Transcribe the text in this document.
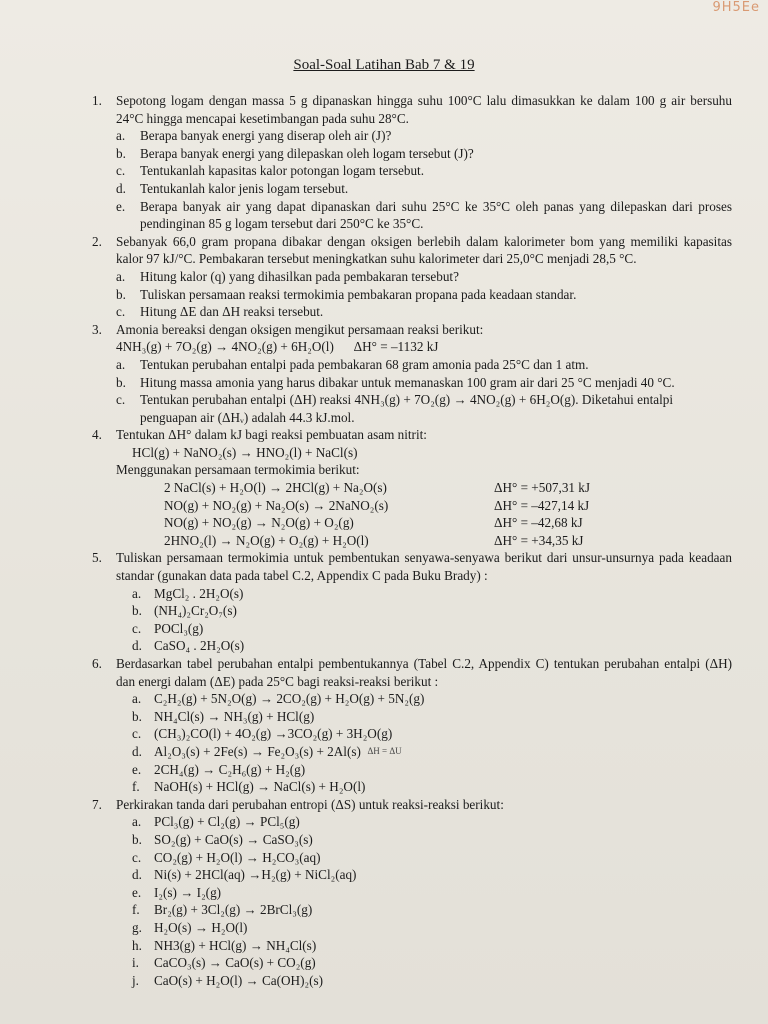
9H5Ee
Soal-Soal Latihan Bab 7 & 19
1.	Sepotong logam dengan massa 5 g dipanaskan hingga suhu 100°C lalu dimasukkan ke dalam 100 g air bersuhu 24°C hingga mencapai kesetimbangan pada suhu 28°C.
a.	Berapa banyak energi yang diserap oleh air (J)?
b.	Berapa banyak energi yang dilepaskan oleh logam tersebut (J)?
c.	Tentukanlah kapasitas kalor potongan logam tersebut.
d.	Tentukanlah kalor jenis logam tersebut.
e.	Berapa banyak air yang dapat dipanaskan dari suhu 25°C ke 35°C oleh panas yang dilepaskan dari proses pendinginan 85 g logam tersebut dari 250°C ke 35°C.
2.	Sebanyak 66,0 gram propana dibakar dengan oksigen berlebih dalam kalorimeter bom yang memiliki kapasitas kalor 97 kJ/°C. Pembakaran tersebut meningkatkan suhu kalorimeter dari 25,0°C menjadi 28,5 °C.
a.	Hitung kalor (q) yang dihasilkan pada pembakaran tersebut?
b.	Tuliskan persamaan reaksi termokimia pembakaran propana pada keadaan standar.
c.	Hitung ΔE dan ΔH reaksi tersebut.
3.	Amonia bereaksi dengan oksigen mengikut persamaan reaksi berikut:
4NH₃(g) + 7O₂(g) → 4NO₂(g) + 6H₂O(l)      ΔH° = –1132 kJ
a.	Tentukan perubahan entalpi pada pembakaran 68 gram amonia pada 25°C dan 1 atm.
b.	Hitung massa amonia yang harus dibakar untuk memanaskan 100 gram air dari 25 °C menjadi 40 °C.
c.	Tentukan perubahan entalpi (ΔH) reaksi 4NH₃(g) + 7O₂(g) → 4NO₂(g) + 6H₂O(g). Diketahui entalpi penguapan air (ΔHᵥ) adalah 44.3 kJ.mol.
4.	Tentukan ΔH° dalam kJ bagi reaksi pembuatan asam nitrit:
HCl(g) + NaNO₂(s) → HNO₂(l) + NaCl(s)
Menggunakan persamaan termokimia berikut:
2 NaCl(s) + H₂O(l) → 2HCl(g) + Na₂O(s)	ΔH° = +507,31 kJ
NO(g) + NO₂(g) + Na₂O(s) → 2NaNO₂(s)	ΔH° = –427,14 kJ
NO(g) + NO₂(g) → N₂O(g) + O₂(g)	ΔH° = –42,68 kJ
2HNO₂(l) → N₂O(g) + O₂(g) + H₂O(l)	ΔH° = +34,35 kJ
5.	Tuliskan persamaan termokimia untuk pembentukan senyawa-senyawa berikut dari unsur-unsurnya pada keadaan standar (gunakan data pada tabel C.2, Appendix C pada Buku Brady) :
a. MgCl₂ . 2H₂O(s)
b. (NH₄)₂Cr₂O₇(s)
c. POCl₃(g)
d. CaSO₄ . 2H₂O(s)
6.	Berdasarkan tabel perubahan entalpi pembentukannya (Tabel C.2, Appendix C) tentukan perubahan entalpi (ΔH) dan energi dalam (ΔE) pada 25°C bagi reaksi-reaksi berikut :
a. C₂H₂(g) + 5N₂O(g) → 2CO₂(g) + H₂O(g) + 5N₂(g)
b. NH₄Cl(s) → NH₃(g) + HCl(g)
c. (CH₃)₂CO(l) + 4O₂(g) →3CO₂(g) + 3H₂O(g)
d. Al₂O₃(s) + 2Fe(s) → Fe₂O₃(s) + 2Al(s)
ΔH = ΔU
e. 2CH₄(g) → C₂H₆(g) + H₂(g)
f.	NaOH(s) + HCl(g) → NaCl(s) + H₂O(l)
7.	Perkirakan tanda dari perubahan entropi (ΔS) untuk reaksi-reaksi berikut:
a. PCl₃(g) + Cl₂(g) → PCl₅(g)
b. SO₂(g) + CaO(s) → CaSO₃(s)
c. CO₂(g) + H₂O(l) → H₂CO₃(aq)
d. Ni(s) + 2HCl(aq) →H₂(g) + NiCl₂(aq)
e. I₂(s) → I₂(g)
f.	Br₂(g) + 3Cl₂(g) → 2BrCl₃(g)
g. H₂O(s) → H₂O(l)
h. NH3(g) + HCl(g) → NH₄Cl(s)
i.	CaCO₃(s) → CaO(s) + CO₂(g)
j.	CaO(s) + H₂O(l) → Ca(OH)₂(s)
